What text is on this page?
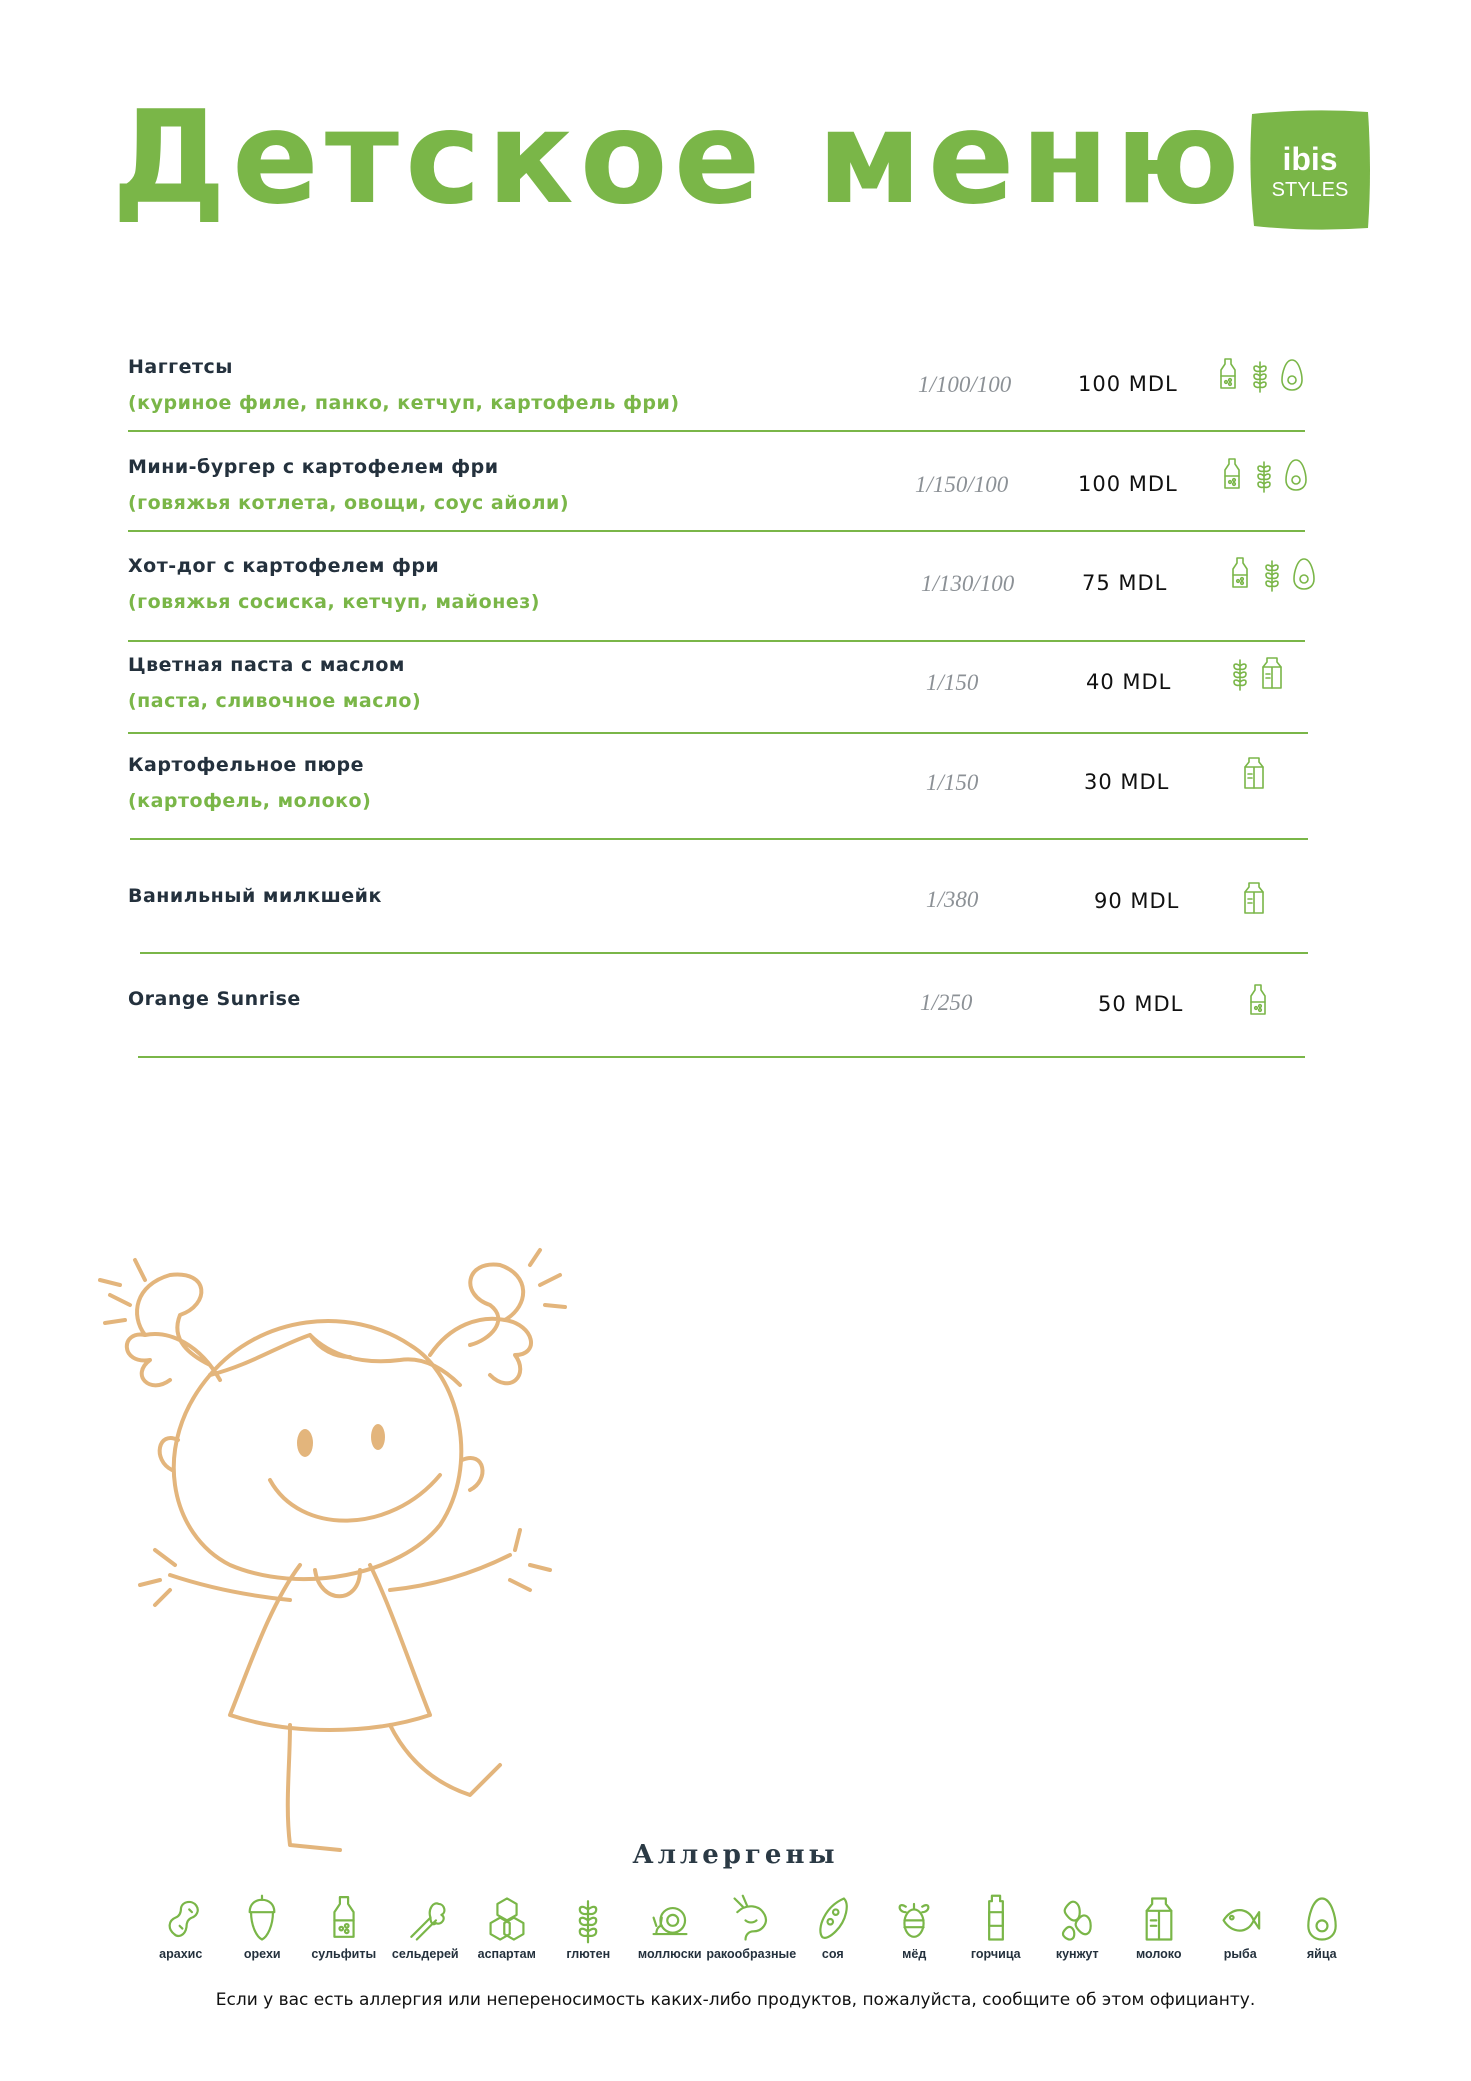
Детское меню ibis
STYLES
Наггетсы
(куриное филе, панко, кетчуп, картофель фри)
1/100/100	100 MDL
Мини-бургер с картофелем фри
(говяжья котлета, овощи, соус айоли)
1/150/100	100 MDL
Хот-дог с картофелем фри
(говяжья сосиска, кетчуп, майонез)
1/130/100	75 MDL
Цветная паста с маслом
(паста, сливочное масло)
1/150	40 MDL
Картофельное пюре
(картофель, молоко)
1/150	30 MDL
Ванильный милкшейк	1/380	90 MDL
Orange Sunrise	1/250	50 MDL
Аллергены
арахис	орехи сульфиты сельдерей аспартам глютен моллюски ракообразные соя	мёд	горчица	кунжут	молоко	рыба	яйца
Если у вас есть аллергия или непереносимость каких-либо продуктов, пожалуйста, сообщите об этом официанту.
